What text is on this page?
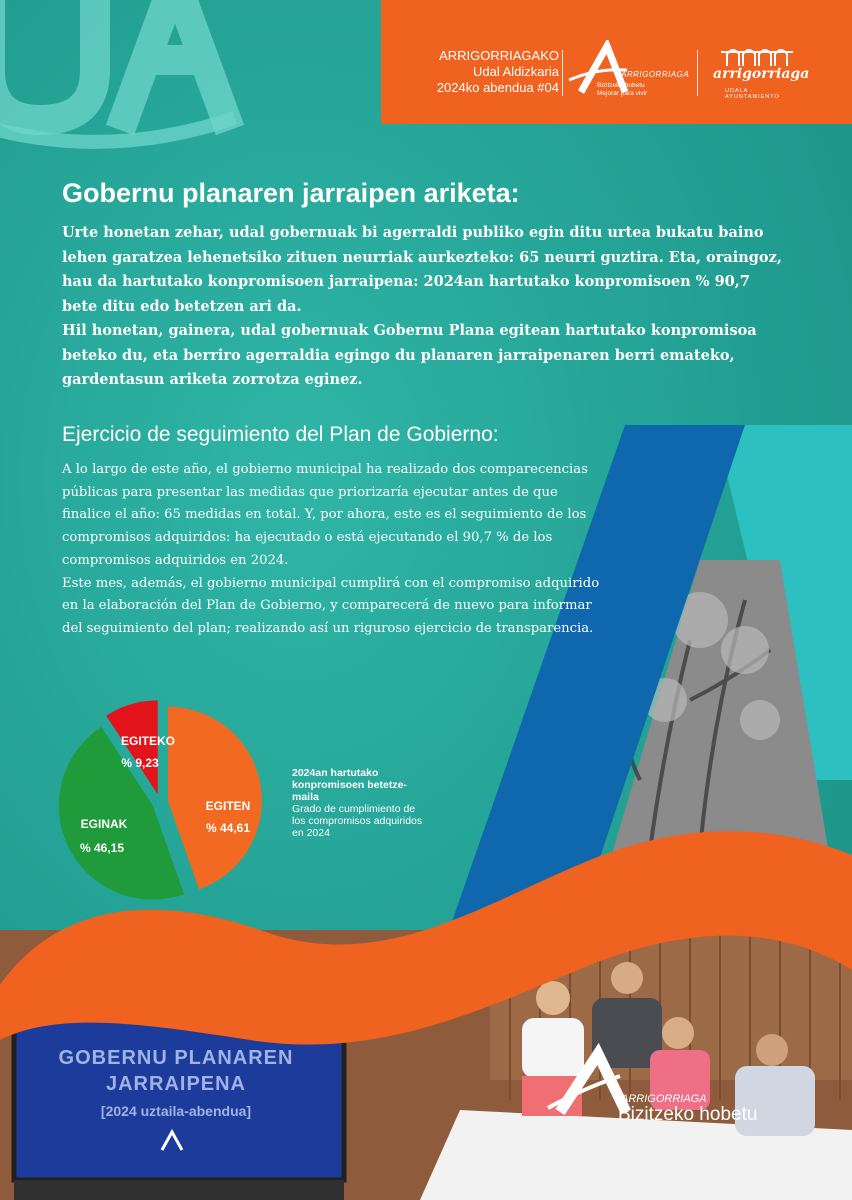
ARRIGORRIAGAKO
Udal Aldizkaria
2024ko abendua #04
ARRIGORRIAGA
Bizitzeko hobetu
Mejorar para vivir
arrigorriaga
UDALA · AYUNTAMIENTO
Gobernu planaren jarraipen ariketa:

Urte honetan zehar, udal gobernuak bi agerraldi publiko egin ditu urtea bukatu baino lehen garatzea lehenetsiko zituen neurriak aurkezteko: 65 neurri guztira. Eta, oraingoz, hau da hartutako konpromisoen jarraipena: 2024an hartutako konpromisoen % 90,7 bete ditu edo betetzen ari da.

Hil honetan, gainera, udal gobernuak Gobernu Plana egitean hartutako konpromisoa beteko du, eta berriro agerraldia egingo du planaren jarraipenaren berri emateko, gardentasun ariketa zorrotza eginez.

Ejercicio de seguimiento del Plan de Gobierno:

A lo largo de este año, el gobierno municipal ha realizado dos comparecencias públicas para presentar las medidas que priorizaría ejecutar antes de que finalice el año: 65 medidas en total. Y, por ahora, este es el seguimiento de los compromisos adquiridos: ha ejecutado o está ejecutando el 90,7 % de los compromisos adquiridos en 2024.

Este mes, además, el gobierno municipal cumplirá con el compromiso adquirido en la elaboración del Plan de Gobierno, y comparecerá de nuevo para informar del seguimiento del plan; realizando así un riguroso ejercicio de transparencia.

EGITEKO
% 9,23
EGITEN
% 44,61
EGINAK
% 46,15
2024an hartutako konpromisoen betetze-maila
Grado de cumplimiento de los compromisos adquiridos en 2024
GOBERNU PLANAREN
JARRAIPENA
[2024 uztaila-abendua]
ARRIGORRIAGA
Bizitzeko hobetu
